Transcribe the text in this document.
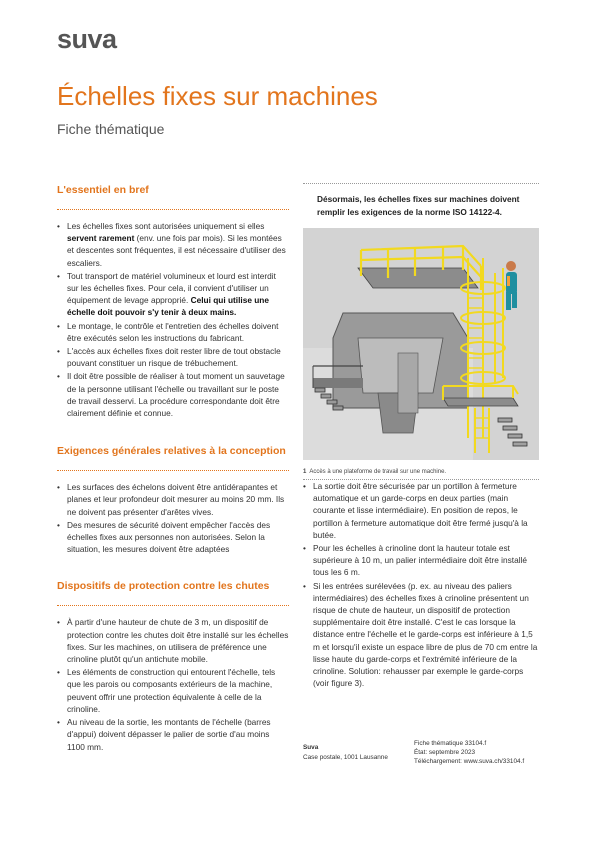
suva
Échelles fixes sur machines
Fiche thématique
L'essentiel en bref
• Les échelles fixes sont autorisées uniquement si elles servent rarement (env. une fois par mois). Si les montées et descentes sont fréquentes, il est nécessaire d'utiliser des escaliers.
• Tout transport de matériel volumineux et lourd est interdit sur les échelles fixes. Pour cela, il convient d'utiliser un équipement de levage approprié. Celui qui utilise une échelle doit pouvoir s'y tenir à deux mains.
• Le montage, le contrôle et l'entretien des échelles doivent être exécutés selon les instructions du fabricant.
• L'accès aux échelles fixes doit rester libre de tout obstacle pouvant constituer un risque de trébuchement.
• Il doit être possible de réaliser à tout moment un sauvetage de la personne utilisant l'échelle ou travaillant sur le poste de travail desservi. La procédure correspondante doit être clairement définie et connue.
Exigences générales relatives à la conception
• Les surfaces des échelons doivent être antidérapantes et planes et leur profondeur doit mesurer au moins 20 mm. Ils ne doivent pas présenter d'arêtes vives.
• Des mesures de sécurité doivent empêcher l'accès des échelles fixes aux personnes non autorisées. Selon la situation, les mesures doivent être adaptées
Dispositifs de protection contre les chutes
• À partir d'une hauteur de chute de 3 m, un dispositif de protection contre les chutes doit être installé sur les échelles fixes. Sur les machines, on utilisera de préférence une crinoline plutôt qu'un antichute mobile.
• Les éléments de construction qui entourent l'échelle, tels que les parois ou composants extérieurs de la machine, peuvent offrir une protection équivalente à celle de la crinoline.
• Au niveau de la sortie, les montants de l'échelle (barres d'appui) doivent dépasser le palier de sortie d'au moins 1100 mm.
Désormais, les échelles fixes sur machines doivent remplir les exigences de la norme ISO 14122-4.
1 Accès à une plateforme de travail sur une machine.
• La sortie doit être sécurisée par un portillon à fermeture automatique et un garde-corps en deux parties (main courante et lisse intermédiaire). En position de repos, le portillon à fermeture automatique doit être fermé jusqu'à la butée.
• Pour les échelles à crinoline dont la hauteur totale est supérieure à 10 m, un palier intermédiaire doit être installé tous les 6 m.
• Si les entrées surélevées (p. ex. au niveau des paliers intermédiaires) des échelles fixes à crinoline présentent un risque de chute de hauteur, un dispositif de protection supplémentaire doit être installé. C'est le cas lorsque la distance entre l'échelle et le garde-corps est inférieure à 1,5 m et lorsqu'il existe un espace libre de plus de 70 cm entre la lisse haute du garde-corps et l'extrémité inférieure de la crinoline. Solution: rehausser par exemple le garde-corps (voir figure 3).
Suva
Case postale, 1001 Lausanne
Fiche thématique 33104.f
État: septembre 2023
Téléchargement: www.suva.ch/33104.f
